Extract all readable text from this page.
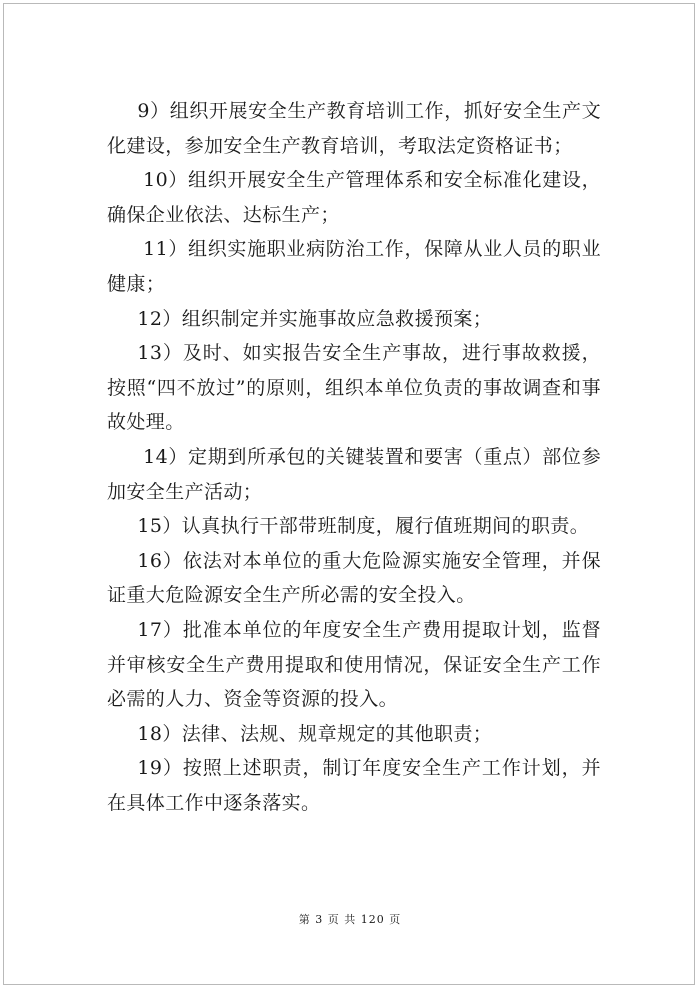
9）组织开展安全生产教育培训工作，抓好安全生产文化建设，参加安全生产教育培训，考取法定资格证书；

10）组织开展安全生产管理体系和安全标准化建设，确保企业依法、达标生产；

11）组织实施职业病防治工作，保障从业人员的职业健康；

12）组织制定并实施事故应急救援预案；

13）及时、如实报告安全生产事故，进行事故救援，按照“四不放过”的原则，组织本单位负责的事故调查和事故处理。

14）定期到所承包的关键装置和要害（重点）部位参加安全生产活动；

15）认真执行干部带班制度，履行值班期间的职责。

16）依法对本单位的重大危险源实施安全管理，并保证重大危险源安全生产所必需的安全投入。

17）批准本单位的年度安全生产费用提取计划，监督并审核安全生产费用提取和使用情况，保证安全生产工作必需的人力、资金等资源的投入。

18）法律、法规、规章规定的其他职责；

19）按照上述职责，制订年度安全生产工作计划，并在具体工作中逐条落实。

第 3 页 共 120 页
